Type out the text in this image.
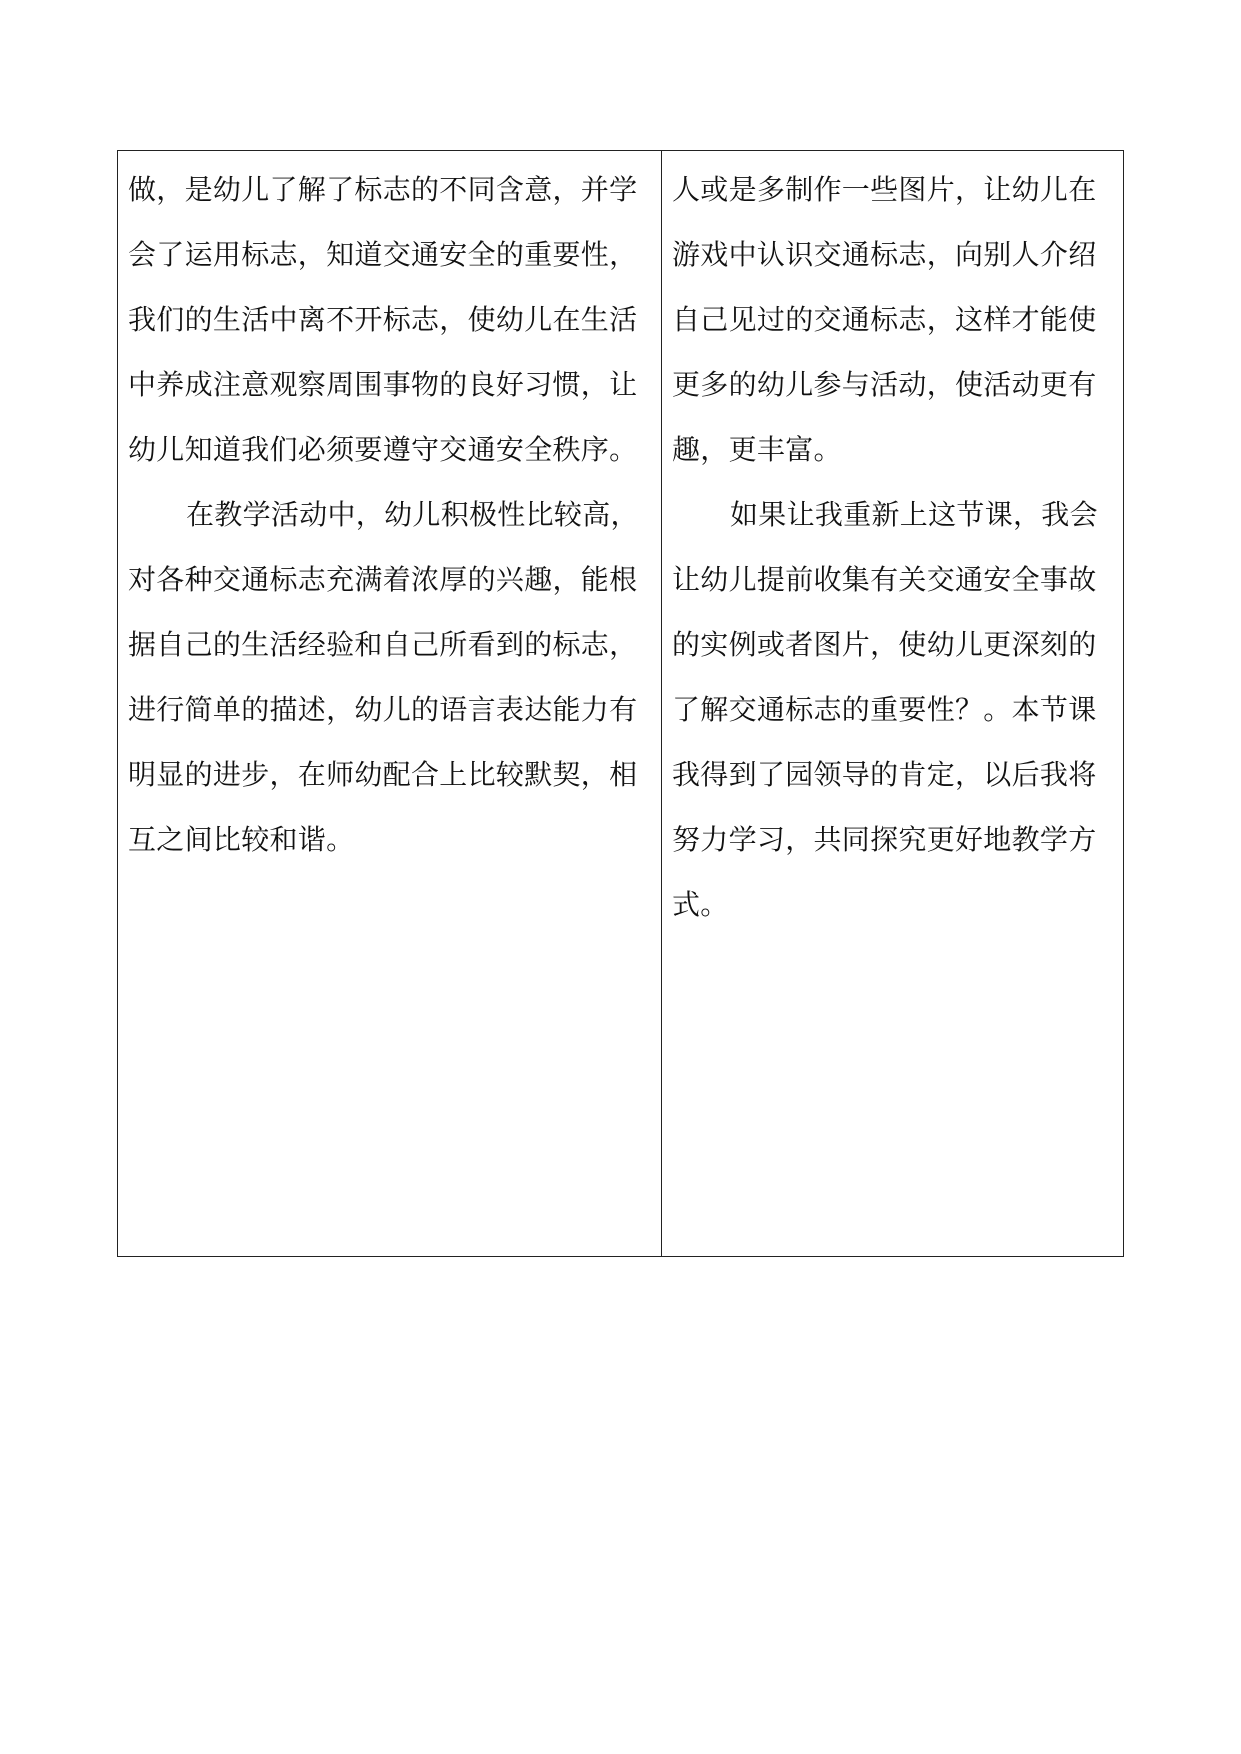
做，是幼儿了解了标志的不同含意，并学
会了运用标志，知道交通安全的重要性，
我们的生活中离不开标志，使幼儿在生活
中养成注意观察周围事物的良好习惯，让
幼儿知道我们必须要遵守交通安全秩序。

在教学活动中，幼儿积极性比较高，
对各种交通标志充满着浓厚的兴趣，能根
据自己的生活经验和自己所看到的标志，
进行简单的描述，幼儿的语言表达能力有
明显的进步，在师幼配合上比较默契，相
互之间比较和谐。

人或是多制作一些图片，让幼儿在
游戏中认识交通标志，向别人介绍
自己见过的交通标志，这样才能使
更多的幼儿参与活动，使活动更有
趣，更丰富。

如果让我重新上这节课，我会
让幼儿提前收集有关交通安全事故
的实例或者图片，使幼儿更深刻的
了解交通标志的重要性？。本节课
我得到了园领导的肯定，以后我将
努力学习，共同探究更好地教学方
式。
